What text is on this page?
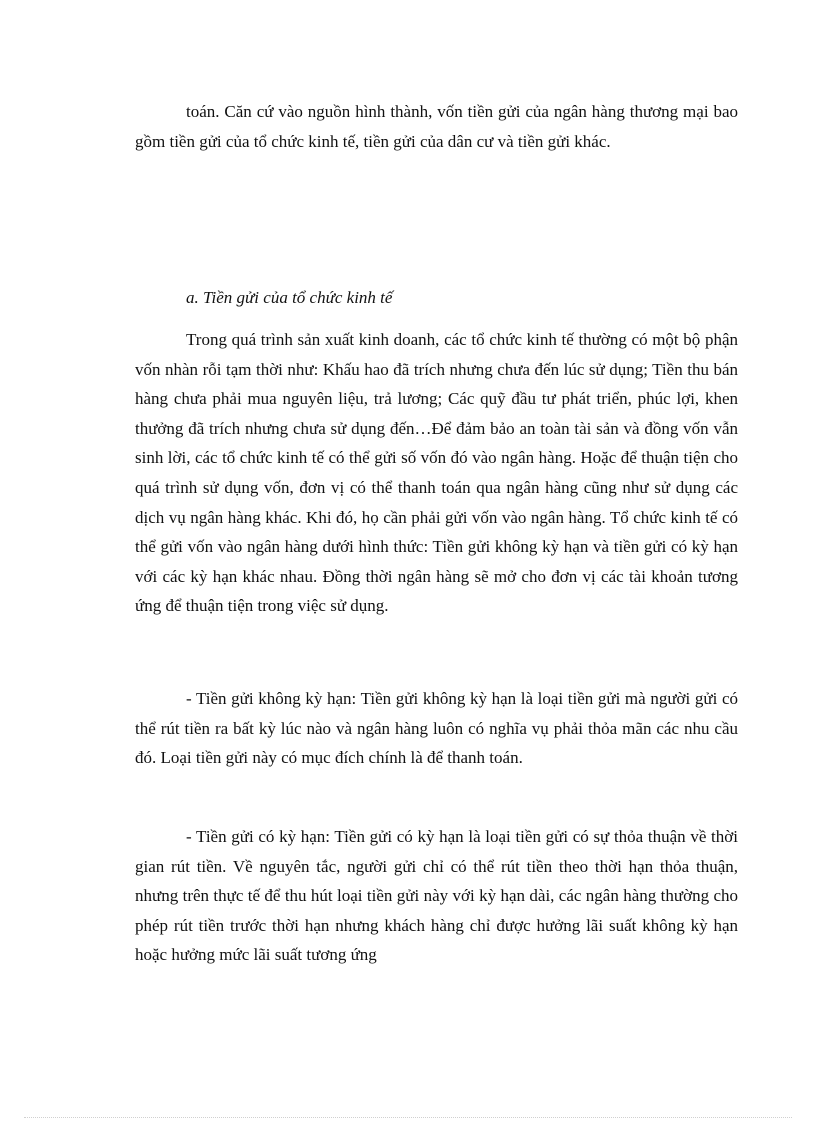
toán. Căn cứ vào nguồn hình thành, vốn tiền gửi của ngân hàng thương mại bao gồm tiền gửi của tổ chức kinh tế, tiền gửi của dân cư và tiền gửi khác.

a. Tiền gửi của tổ chức kinh tế

Trong quá trình sản xuất kinh doanh, các tổ chức kinh tế thường có một bộ phận vốn nhàn rỗi tạm thời như: Khấu hao đã trích nhưng chưa đến lúc sử dụng; Tiền thu bán hàng chưa phải mua nguyên liệu, trả lương; Các quỹ đầu tư phát triển, phúc lợi, khen thưởng đã trích nhưng chưa sử dụng đến…Để đảm bảo an toàn tài sản và đồng vốn vẫn sinh lời, các tổ chức kinh tế có thể gửi số vốn đó vào ngân hàng. Hoặc để thuận tiện cho quá trình sử dụng vốn, đơn vị có thể thanh toán qua ngân hàng cũng như sử dụng các dịch vụ ngân hàng khác. Khi đó, họ cần phải gửi vốn vào ngân hàng. Tổ chức kinh tế có thể gửi vốn vào ngân hàng dưới hình thức: Tiền gửi không kỳ hạn và tiền gửi có kỳ hạn với các kỳ hạn khác nhau. Đồng thời ngân hàng sẽ mở cho đơn vị các tài khoản tương ứng để thuận tiện trong việc sử dụng.

- Tiền gửi không kỳ hạn: Tiền gửi không kỳ hạn là loại tiền gửi mà người gửi có thể rút tiền ra bất kỳ lúc nào và ngân hàng luôn có nghĩa vụ phải thỏa mãn các nhu cầu đó. Loại tiền gửi này có mục đích chính là để thanh toán.

- Tiền gửi có kỳ hạn: Tiền gửi có kỳ hạn là loại tiền gửi có sự thỏa thuận về thời gian rút tiền. Về nguyên tắc, người gửi chỉ có thể rút tiền theo thời hạn thỏa thuận, nhưng trên thực tế để thu hút loại tiền gửi này với kỳ hạn dài, các ngân hàng thường cho phép rút tiền trước thời hạn nhưng khách hàng chỉ được hưởng lãi suất không kỳ hạn hoặc hưởng mức lãi suất tương ứng
